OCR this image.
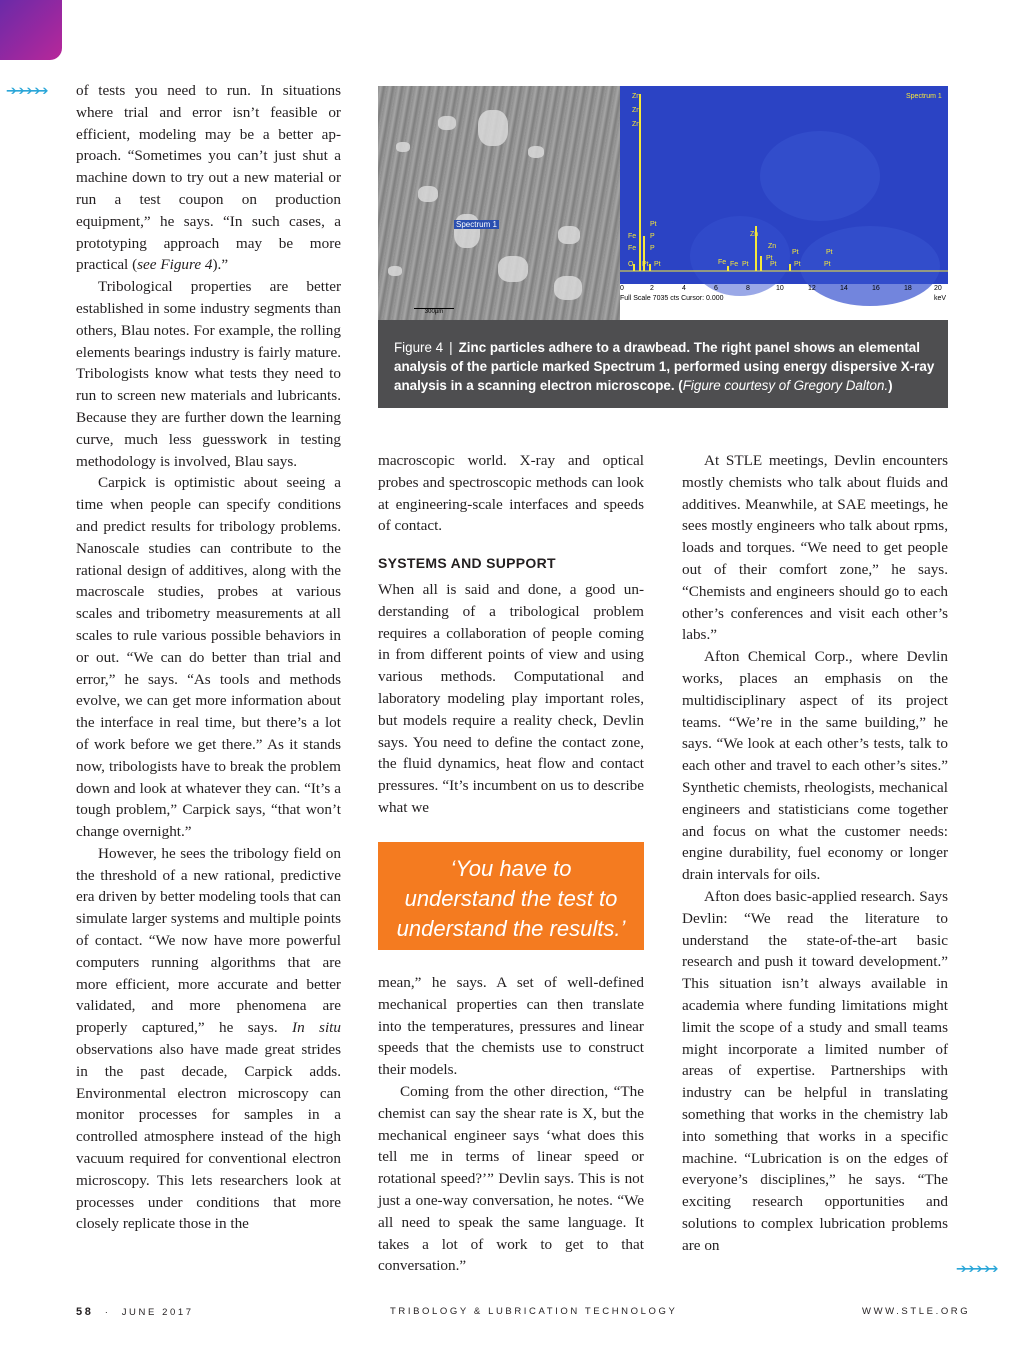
➔➔➔➔➔ of tests you need to run. In situations where trial and error isn’t feasible or efficient, modeling may be a better approach. “Sometimes you can’t just shut a machine down to try out a new material or run a test coupon on production equipment,” he says. “In such cases, a prototyping approach may be more practical (see Figure 4).”

Tribological properties are better established in some industry segments than others, Blau notes. For example, the rolling elements bearings industry is fairly mature. Tribologists know what tests they need to run to screen new materials and lubricants. Because they are further down the learning curve, much less guesswork in testing methodology is involved, Blau says.

Carpick is optimistic about seeing a time when people can specify conditions and predict results for tribology problems. Nanoscale studies can contribute to the rational design of additives, along with the macroscale studies, probes at various scales and tribometry measurements at all scales to rule various possible behaviors in or out. “We can do better than trial and error,” he says. “As tools and methods evolve, we can get more information about the interface in real time, but there’s a lot of work before we get there.” As it stands now, tribologists have to break the problem down and look at whatever they can. “It’s a tough problem,” Carpick says, “that won’t change overnight.”

However, he sees the tribology field on the threshold of a new rational, predictive era driven by better modeling tools that can simulate larger systems and multiple points of contact. “We now have more powerful computers running algorithms that are more efficient, more accurate and better validated, and more phenomena are properly captured,” he says. In situ observations also have made great strides in the past decade, Carpick adds. Environmental electron microscopy can monitor processes for samples in a controlled atmosphere instead of the high vacuum required for conventional electron microscopy. This lets researchers look at processes under conditions that more closely replicate those in the

Spectrum 1
300µm
Zn
Zn
Zn
Fe
Fe
O
Pt
P
P
Pt Pt	Fe Fe Pt
Zn
Zn
Pt
Pt	Pt
Pt Pt	Pt
Spectrum 1
0	2	4	6	8	10	12	14	16	18	20
Full Scale 7035 cts Cursor: 0.000	keV
Figure 4 | Zinc particles adhere to a drawbead. The right panel shows an elemental analysis of the particle marked Spectrum 1, performed using energy dispersive X-ray analysis in a scanning electron microscope. (Figure courtesy of Gregory Dalton.)

macroscopic world. X-ray and optical probes and spectroscopic methods can look at engineering-scale interfaces and speeds of contact.

SYSTEMS AND SUPPORT

When all is said and done, a good understanding of a tribological problem requires a collaboration of people coming in from different points of view and using various methods. Computational and laboratory modeling play important roles, but models require a reality check, Devlin says. You need to define the contact zone, the fluid dynamics, heat flow and contact pressures. “It’s incumbent on us to describe what we

‘You have to understand the test to understand the results.’

mean,” he says. A set of well-defined mechanical properties can then translate into the temperatures, pressures and linear speeds that the chemists use to construct their models.

Coming from the other direction, “The chemist can say the shear rate is X, but the mechanical engineer says ‘what does this tell me in terms of linear speed or rotational speed?’” Devlin says. This is not just a one-way conversation, he notes. “We all need to speak the same language. It takes a lot of work to get to that conversation.”

At STLE meetings, Devlin encounters mostly chemists who talk about fluids and additives. Meanwhile, at SAE meetings, he sees mostly engineers who talk about rpms, loads and torques. “We need to get people out of their comfort zone,” he says. “Chemists and engineers should go to each other’s conferences and visit each other’s labs.”

Afton Chemical Corp., where Devlin works, places an emphasis on the multidisciplinary aspect of its project teams. “We’re in the same building,” he says. “We look at each other’s tests, talk to each other and travel to each other’s sites.” Synthetic chemists, rheologists, mechanical engineers and statisticians come together and focus on what the customer needs: engine durability, fuel economy or longer drain intervals for oils.

Afton does basic-applied research. Says Devlin: “We read the literature to understand the state-of-the-art basic research and push it toward development.” This situation isn’t always available in academia where funding limitations might limit the scope of a study and small teams might incorporate a limited number of areas of expertise. Partnerships with industry can be helpful in translating something that works in the chemistry lab into something that works in a specific machine. “Lubrication is on the edges of everyone’s disciplines,” he says. “The exciting research opportunities and solutions to complex lubrication problems are on

➔➔➔➔➔
58 · JUNE 2017	TRIBOLOGY & LUBRICATION TECHNOLOGY	WWW.STLE.ORG
